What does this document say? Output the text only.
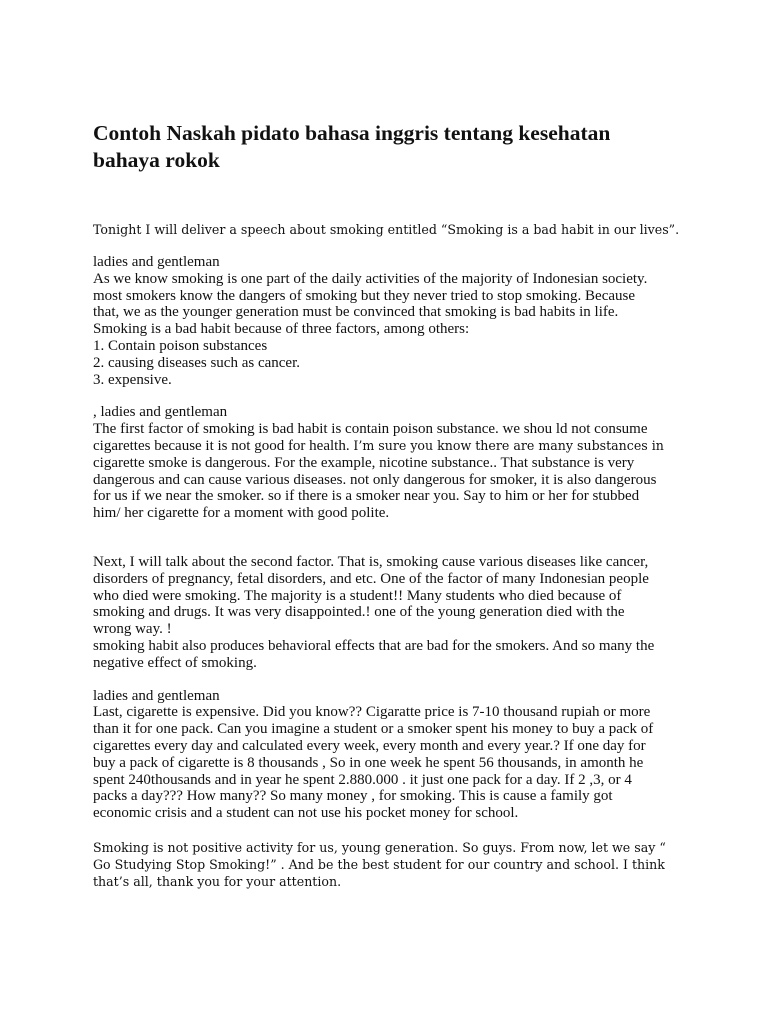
Contoh Naskah pidato bahasa inggris tentang kesehatan
bahaya rokok
Tonight I will deliver a speech about smoking entitled “Smoking is a bad habit in our lives”.
ladies and gentleman
As we know smoking is one part of the daily activities of the majority of Indonesian society.
most smokers know the dangers of smoking but they never tried to stop smoking. Because
that, we as the younger generation must be convinced that smoking is bad habits in life.
Smoking is a bad habit because of three factors, among others:
1. Contain poison substances
2. causing diseases such as cancer.
3. expensive.
, ladies and gentleman
The first factor of smoking is bad habit is contain poison substance. we shou ld not consume
cigarettes because it is not good for health. I’m sure you know there are many substances in
cigarette smoke is dangerous. For the example, nicotine substance.. That substance is very
dangerous and can cause various diseases. not only dangerous for smoker, it is also dangerous
for us if we near the smoker. so if there is a smoker near you. Say to him or her for stubbed
him/ her cigarette for a moment with good polite.
Next, I will talk about the second factor. That is, smoking cause various diseases like cancer,
disorders of pregnancy, fetal disorders, and etc. One of the factor of many Indonesian people
who died were smoking. The majority is a student!! Many students who died because of
smoking and drugs. It was very disappointed.! one of the young generation died with the
wrong way. !
smoking habit also produces behavioral effects that are bad for the smokers. And so many the
negative effect of smoking.
ladies and gentleman
Last, cigarette is expensive. Did you know?? Cigaratte price is 7-10 thousand rupiah or more
than it for one pack. Can you imagine a student or a smoker spent his money to buy a pack of
cigarettes every day and calculated every week, every month and every year.? If one day for
buy a pack of cigarette is 8 thousands , So in one week he spent 56 thousands, in amonth he
spent 240thousands and in year he spent 2.880.000 . it just one pack for a day. If 2 ,3, or 4
packs a day??? How many?? So many money , for smoking. This is cause a family got
economic crisis and a student can not use his pocket money for school.
Smoking is not positive activity for us, young generation. So guys. From now, let we say “
Go Studying Stop Smoking!” . And be the best student for our country and school. I think
that’s all, thank you for your attention.
